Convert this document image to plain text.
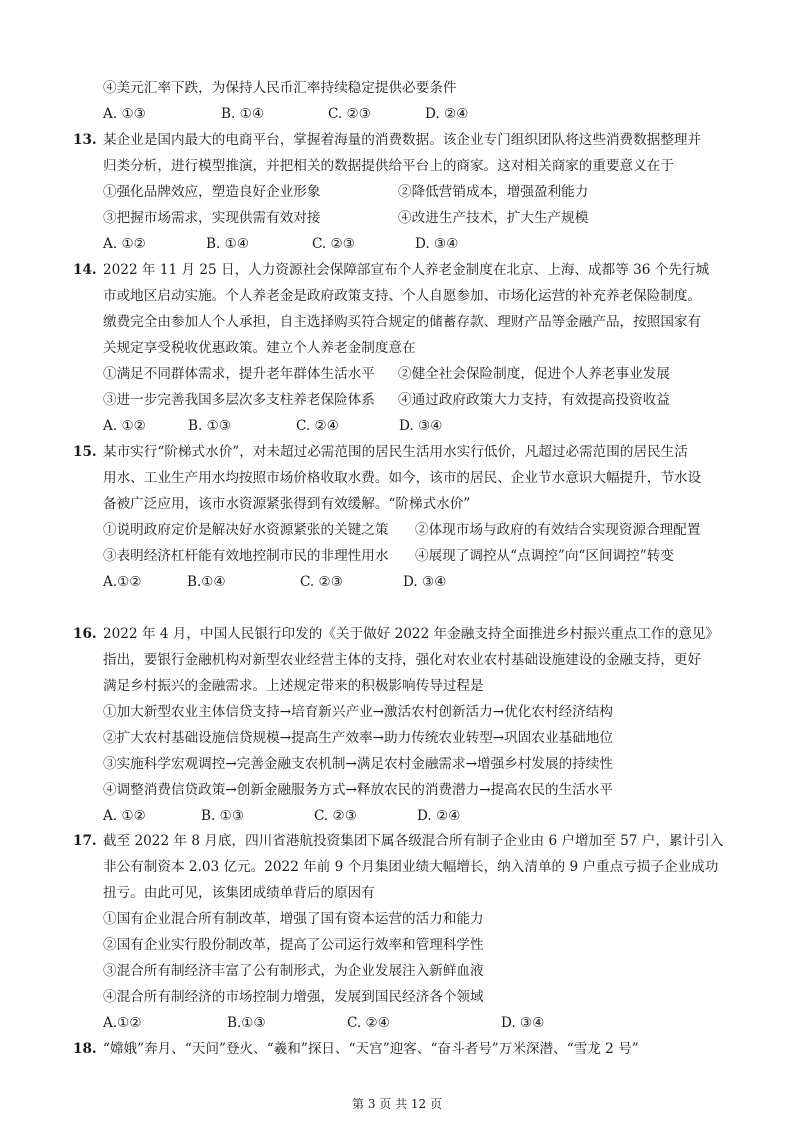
④美元汇率下跌，为保持人民币汇率持续稳定提供必要条件
A. ①③	B. ①④	C. ②③	D. ②④
13. 某企业是国内最大的电商平台，掌握着海量的消费数据。该企业专门组织团队将这些消费数据整理并
归类分析，进行模型推演，并把相关的数据提供给平台上的商家。这对相关商家的重要意义在于
①强化品牌效应，塑造良好企业形象	②降低营销成本，增强盈利能力
③把握市场需求，实现供需有效对接	④改进生产技术，扩大生产规模
A. ①②	B. ①④	C. ②③	D. ③④
14. 2022 年 11 月 25 日，人力资源社会保障部宣布个人养老金制度在北京、上海、成都等 36 个先行城
市或地区启动实施。个人养老金是政府政策支持、个人自愿参加、市场化运营的补充养老保险制度。
缴费完全由参加人个人承担，自主选择购买符合规定的储蓄存款、理财产品等金融产品，按照国家有
关规定享受税收优惠政策。建立个人养老金制度意在
①满足不同群体需求，提升老年群体生活水平 ②健全社会保险制度，促进个人养老事业发展
③进一步完善我国多层次多支柱养老保险体系 ④通过政府政策大力支持，有效提高投资收益
A. ①②	B. ①③	C. ②④	D. ③④
15. 某市实行“阶梯式水价”，对未超过必需范围的居民生活用水实行低价，凡超过必需范围的居民生活
用水、工业生产用水均按照市场价格收取水费。如今，该市的居民、企业节水意识大幅提升，节水设
备被广泛应用，该市水资源紧张得到有效缓解。“阶梯式水价”
①说明政府定价是解决好水资源紧张的关键之策 ②体现市场与政府的有效结合实现资源合理配置
③表明经济杠杆能有效地控制市民的非理性用水 ④展现了调控从“点调控”向“区间调控”转变
A.①②	B.①④	C. ②③	D. ③④
16. 2022 年 4 月，中国人民银行印发的《关于做好 2022 年金融支持全面推进乡村振兴重点工作的意见》
指出，要银行金融机构对新型农业经营主体的支持，强化对农业农村基础设施建设的金融支持，更好
满足乡村振兴的金融需求。上述规定带来的积极影响传导过程是
①加大新型农业主体信贷支持→培育新兴产业→激活农村创新活力→优化农村经济结构
②扩大农村基础设施信贷规模→提高生产效率→助力传统农业转型→巩固农业基础地位
③实施科学宏观调控→完善金融支农机制→满足农村金融需求→增强乡村发展的持续性
④调整消费信贷政策→创新金融服务方式→释放农民的消费潜力→提高农民的生活水平
A. ①②	B. ①③	C. ②③	D. ②④
17. 截至 2022 年 8 月底，四川省港航投资集团下属各级混合所有制子企业由 6 户增加至 57 户，累计引入
非公有制资本 2.03 亿元。2022 年前 9 个月集团业绩大幅增长，纳入清单的 9 户重点亏损子企业成功
扭亏。由此可见，该集团成绩单背后的原因有
①国有企业混合所有制改革，增强了国有资本运营的活力和能力
②国有企业实行股份制改革，提高了公司运行效率和管理科学性
③混合所有制经济丰富了公有制形式，为企业发展注入新鲜血液
④混合所有制经济的市场控制力增强，发展到国民经济各个领域
A.①②	B.①③	C. ②④	D. ③④
18. “嫦娥”奔月、“天问”登火、“羲和”探日、“天宫”迎客、“奋斗者号”万米深潜、“雪龙 2 号”
第 3 页 共 12 页
